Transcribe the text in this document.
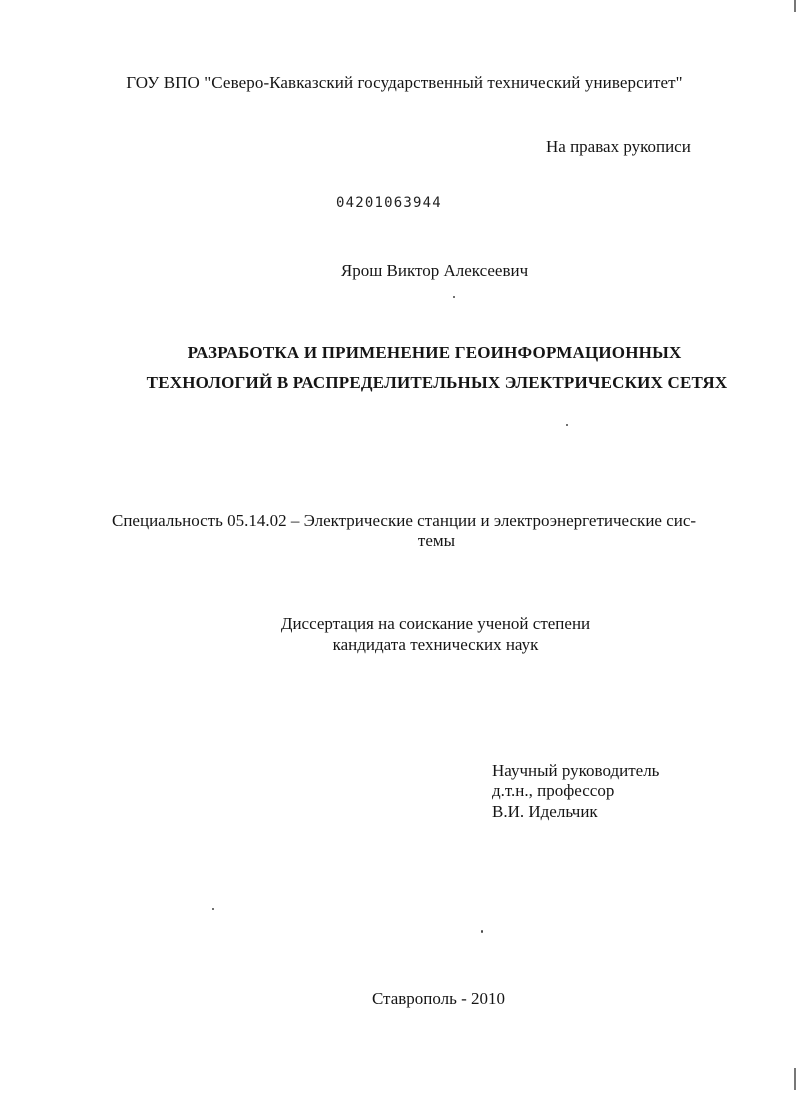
ГОУ ВПО "Северо-Кавказский государственный технический университет"
На правах рукописи
04201063944
Ярош Виктор Алексеевич
РАЗРАБОТКА И ПРИМЕНЕНИЕ ГЕОИНФОРМАЦИОННЫХ
ТЕХНОЛОГИЙ В РАСПРЕДЕЛИТЕЛЬНЫХ ЭЛЕКТРИЧЕСКИХ СЕТЯХ
Специальность 05.14.02 – Электрические станции и электроэнергетические сис-
темы
Диссертация на соискание ученой степени
кандидата технических наук
Научный руководитель
д.т.н., профессор
В.И. Идельчик
Ставрополь - 2010
